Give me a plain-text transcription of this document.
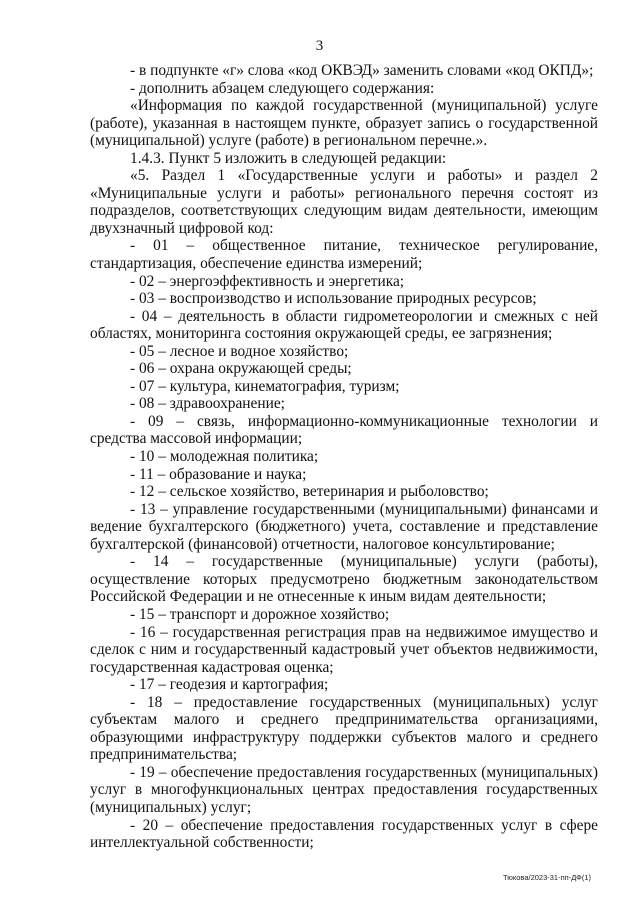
3

- в подпункте «г» слова «код ОКВЭД» заменить словами «код ОКПД»;

- дополнить абзацем следующего содержания:

«Информация по каждой государственной (муниципальной) услуге (работе), указанная в настоящем пункте, образует запись о государственной (муниципальной) услуге (работе) в региональном перечне.».

1.4.3. Пункт 5 изложить в следующей редакции:

«5. Раздел 1 «Государственные услуги и работы» и раздел 2 «Муниципальные услуги и работы» регионального перечня состоят из подразделов, соответствующих следующим видам деятельности, имеющим двухзначный цифровой код:

- 01 – общественное питание, техническое регулирование, стандартизация, обеспечение единства измерений;

- 02 – энергоэффективность и энергетика;

- 03 – воспроизводство и использование природных ресурсов;

- 04 – деятельность в области гидрометеорологии и смежных с ней областях, мониторинга состояния окружающей среды, ее загрязнения;

- 05 – лесное и водное хозяйство;

- 06 – охрана окружающей среды;

- 07 – культура, кинематография, туризм;

- 08 – здравоохранение;

- 09 – связь, информационно-коммуникационные технологии и средства массовой информации;

- 10 – молодежная политика;

- 11 – образование и наука;

- 12 – сельское хозяйство, ветеринария и рыболовство;

- 13 – управление государственными (муниципальными) финансами и ведение бухгалтерского (бюджетного) учета, составление и представление бухгалтерской (финансовой) отчетности, налоговое консультирование;

- 14 – государственные (муниципальные) услуги (работы), осуществление которых предусмотрено бюджетным законодательством Российской Федерации и не отнесенные к иным видам деятельности;

- 15 – транспорт и дорожное хозяйство;

- 16 – государственная регистрация прав на недвижимое имущество и сделок с ним и государственный кадастровый учет объектов недвижимости, государственная кадастровая оценка;

- 17 – геодезия и картография;

- 18 – предоставление государственных (муниципальных) услуг субъектам малого и среднего предпринимательства организациями, образующими инфраструктуру поддержки субъектов малого и среднего предпринимательства;

- 19 – обеспечение предоставления государственных (муниципальных) услуг в многофункциональных центрах предоставления государственных (муниципальных) услуг;

- 20 – обеспечение предоставления государственных услуг в сфере интеллектуальной собственности;

Тюкова/2023-31-пп-ДФ(1)
